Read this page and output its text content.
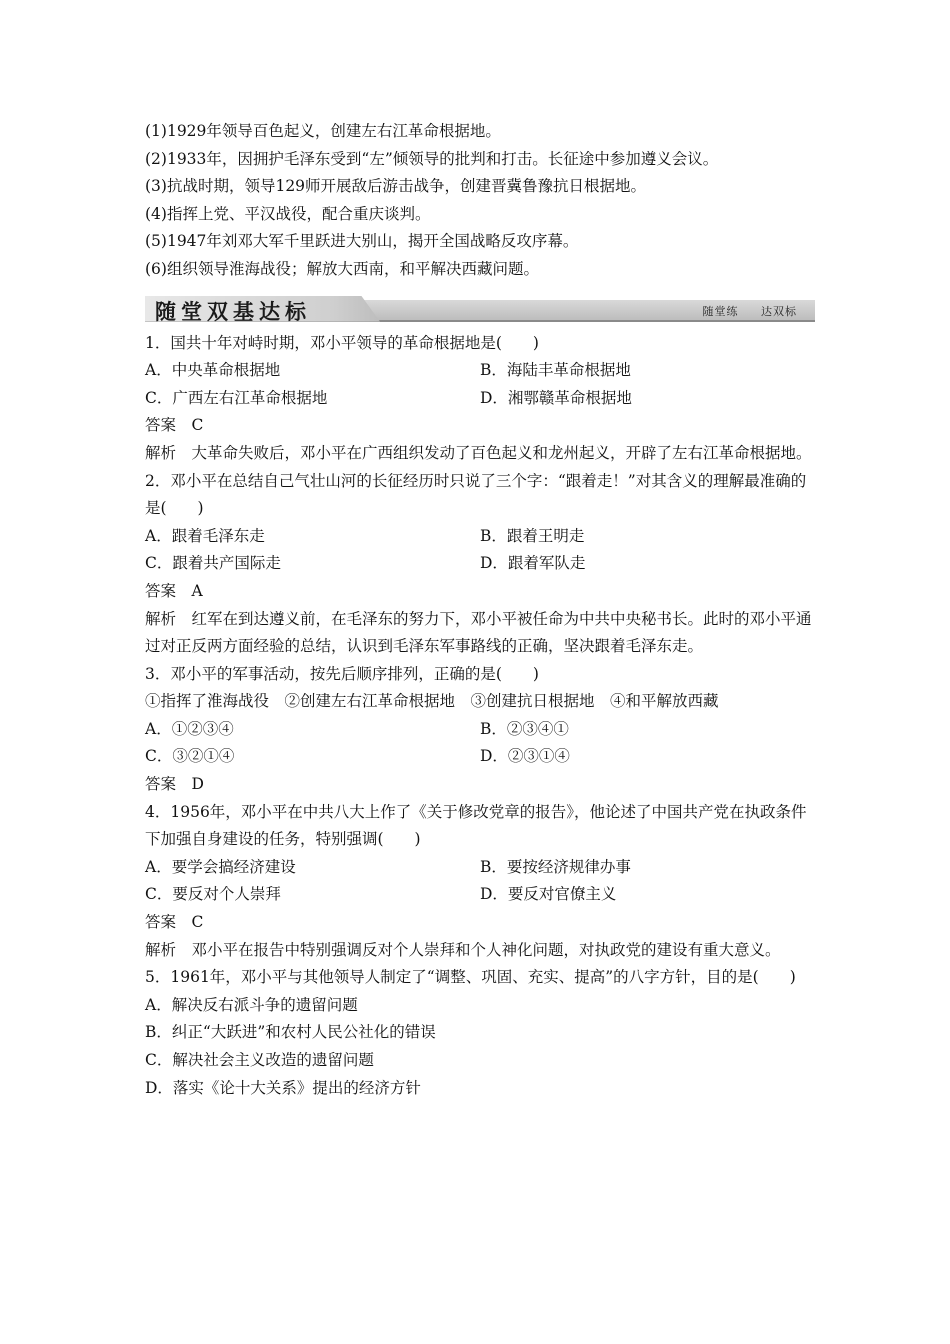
(1)1929年领导百色起义，创建左右江革命根据地。
(2)1933年，因拥护毛泽东受到“左”倾领导的批判和打击。长征途中参加遵义会议。
(3)抗战时期，领导129师开展敌后游击战争，创建晋冀鲁豫抗日根据地。
(4)指挥上党、平汉战役，配合重庆谈判。
(5)1947年刘邓大军千里跃进大别山，揭开全国战略反攻序幕。
(6)组织领导淮海战役；解放大西南，和平解决西藏问题。
随堂双基达标	随堂练 达双标
1．国共十年对峙时期，邓小平领导的革命根据地是(　　)
A．中央革命根据地	B．海陆丰革命根据地
C．广西左右江革命根据地	D．湘鄂赣革命根据地
答案　C
解析　大革命失败后，邓小平在广西组织发动了百色起义和龙州起义，开辟了左右江革命根据地。
2．邓小平在总结自己气壮山河的长征经历时只说了三个字：“跟着走！”对其含义的理解最准确的是(　　)
A．跟着毛泽东走	B．跟着王明走
C．跟着共产国际走	D．跟着军队走
答案　A
解析　红军在到达遵义前，在毛泽东的努力下，邓小平被任命为中共中央秘书长。此时的邓小平通过对正反两方面经验的总结，认识到毛泽东军事路线的正确，坚决跟着毛泽东走。
3．邓小平的军事活动，按先后顺序排列，正确的是(　　)
①指挥了淮海战役　②创建左右江革命根据地　③创建抗日根据地　④和平解放西藏
A．①②③④	B．②③④①
C．③②①④	D．②③①④
答案　D
4．1956年，邓小平在中共八大上作了《关于修改党章的报告》，他论述了中国共产党在执政条件下加强自身建设的任务，特别强调(　　)
A．要学会搞经济建设	B．要按经济规律办事
C．要反对个人崇拜	D．要反对官僚主义
答案　C
解析　邓小平在报告中特别强调反对个人崇拜和个人神化问题，对执政党的建设有重大意义。
5．1961年，邓小平与其他领导人制定了“调整、巩固、充实、提高”的八字方针，目的是(　　)
A．解决反右派斗争的遗留问题
B．纠正“大跃进”和农村人民公社化的错误
C．解决社会主义改造的遗留问题
D．落实《论十大关系》提出的经济方针
